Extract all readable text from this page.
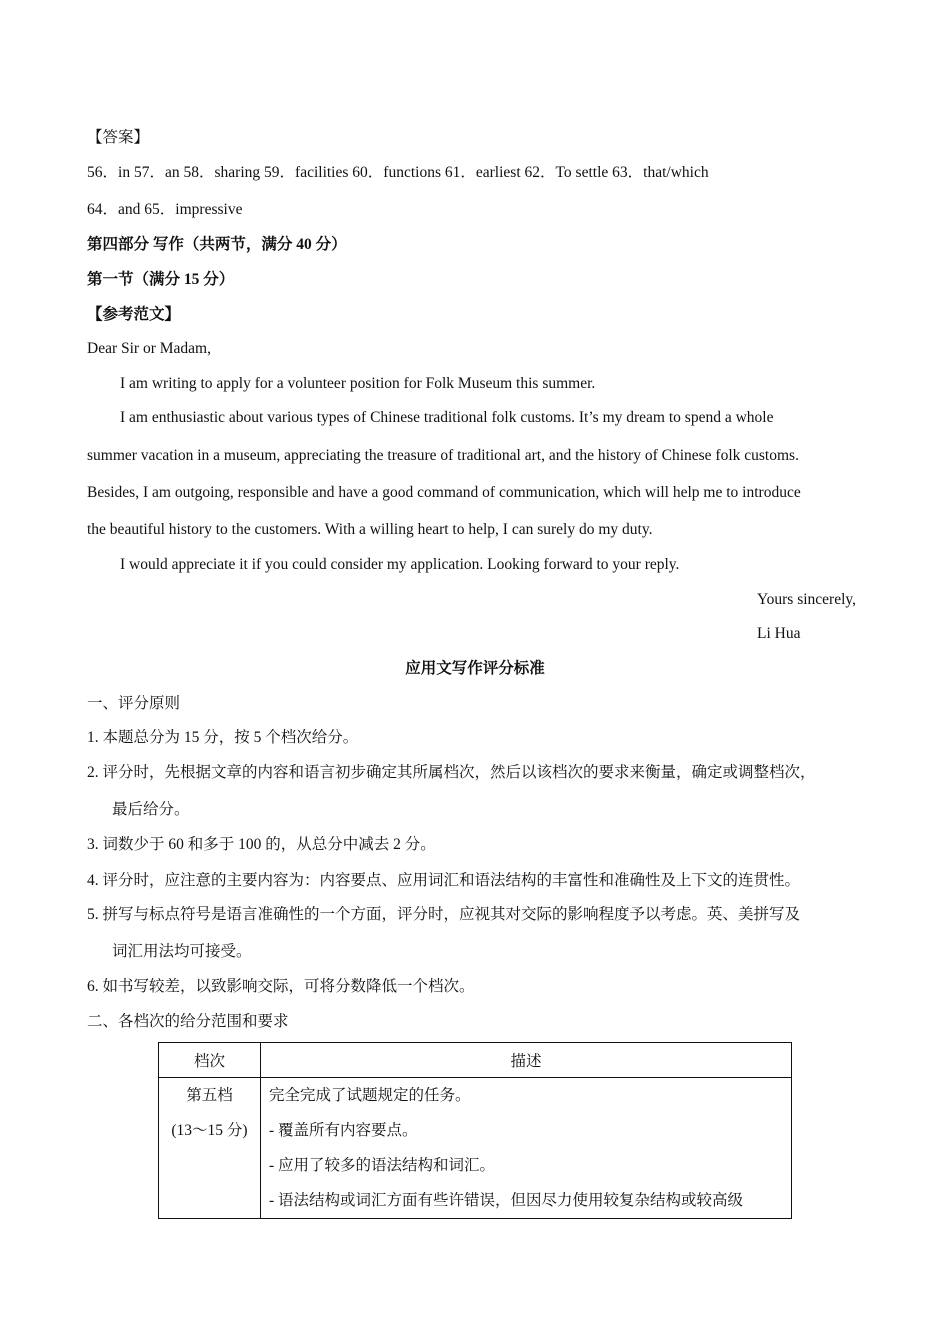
【答案】
56．in 57．an 58．sharing 59．facilities 60．functions 61．earliest 62．To settle 63．that/which
64．and 65．impressive
第四部分 写作（共两节，满分 40 分）
第一节（满分 15 分）
【参考范文】
Dear Sir or Madam,
I am writing to apply for a volunteer position for Folk Museum this summer.
I am enthusiastic about various types of Chinese traditional folk customs. It’s my dream to spend a whole
summer vacation in a museum, appreciating the treasure of traditional art, and the history of Chinese folk customs.
Besides, I am outgoing, responsible and have a good command of communication, which will help me to introduce
the beautiful history to the customers. With a willing heart to help, I can surely do my duty.
I would appreciate it if you could consider my application. Looking forward to your reply.
Yours sincerely,
Li Hua
应用文写作评分标准
一、评分原则
1. 本题总分为 15 分，按 5 个档次给分。
2. 评分时，先根据文章的内容和语言初步确定其所属档次，然后以该档次的要求来衡量，确定或调整档次，
最后给分。
3. 词数少于 60 和多于 100 的，从总分中减去 2 分。
4. 评分时，应注意的主要内容为：内容要点、应用词汇和语法结构的丰富性和准确性及上下文的连贯性。
5. 拼写与标点符号是语言准确性的一个方面，评分时，应视其对交际的影响程度予以考虑。英、美拼写及
词汇用法均可接受。
6. 如书写较差，以致影响交际，可将分数降低一个档次。
二、各档次的给分范围和要求
档次	描述

第五档
(13～15 分)	完全完成了试题规定的任务。
- 覆盖所有内容要点。
- 应用了较多的语法结构和词汇。
- 语法结构或词汇方面有些许错误，但因尽力使用较复杂结构或较高级
